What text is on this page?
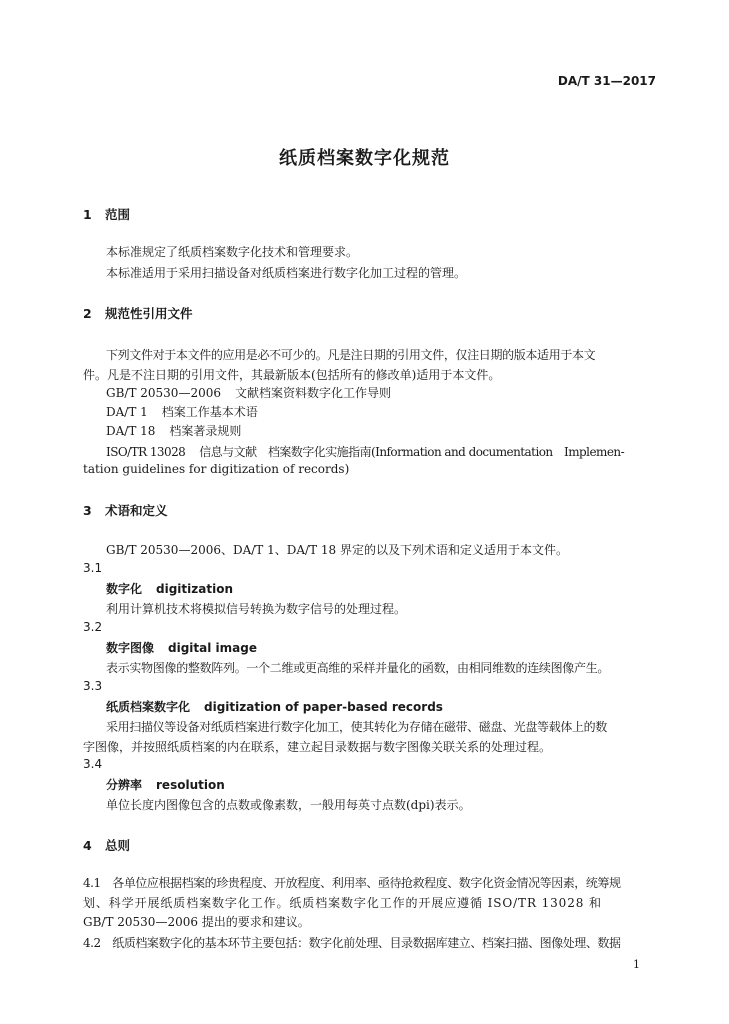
DA/T 31—2017
纸质档案数字化规范
1 范围
本标准规定了纸质档案数字化技术和管理要求。
本标准适用于采用扫描设备对纸质档案进行数字化加工过程的管理。
2 规范性引用文件
下列文件对于本文件的应用是必不可少的。凡是注日期的引用文件，仅注日期的版本适用于本文
件。凡是不注日期的引用文件，其最新版本(包括所有的修改单)适用于本文件。
GB/T 20530—2006 文献档案资料数字化工作导则
DA/T 1 档案工作基本术语
DA/T 18 档案著录规则
ISO/TR 13028 信息与文献　档案数字化实施指南(Information and documentation　Implemen-
tation guidelines for digitization of records)
3 术语和定义
GB/T 20530—2006、DA/T 1、DA/T 18 界定的以及下列术语和定义适用于本文件。
3.1
数字化 digitization
利用计算机技术将模拟信号转换为数字信号的处理过程。
3.2
数字图像 digital image
表示实物图像的整数阵列。一个二维或更高维的采样并量化的函数，由相同维数的连续图像产生。
3.3
纸质档案数字化 digitization of paper-based records
采用扫描仪等设备对纸质档案进行数字化加工，使其转化为存储在磁带、磁盘、光盘等载体上的数
字图像，并按照纸质档案的内在联系，建立起目录数据与数字图像关联关系的处理过程。
3.4
分辨率 resolution
单位长度内图像包含的点数或像素数，一般用每英寸点数(dpi)表示。
4 总则
4.1　各单位应根据档案的珍贵程度、开放程度、利用率、亟待抢救程度、数字化资金情况等因素，统筹规
划、科学开展纸质档案数字化工作。纸质档案数字化工作的开展应遵循 ISO/TR 13028 和
GB/T 20530—2006 提出的要求和建议。
4.2　纸质档案数字化的基本环节主要包括：数字化前处理、目录数据库建立、档案扫描、图像处理、数据
1
